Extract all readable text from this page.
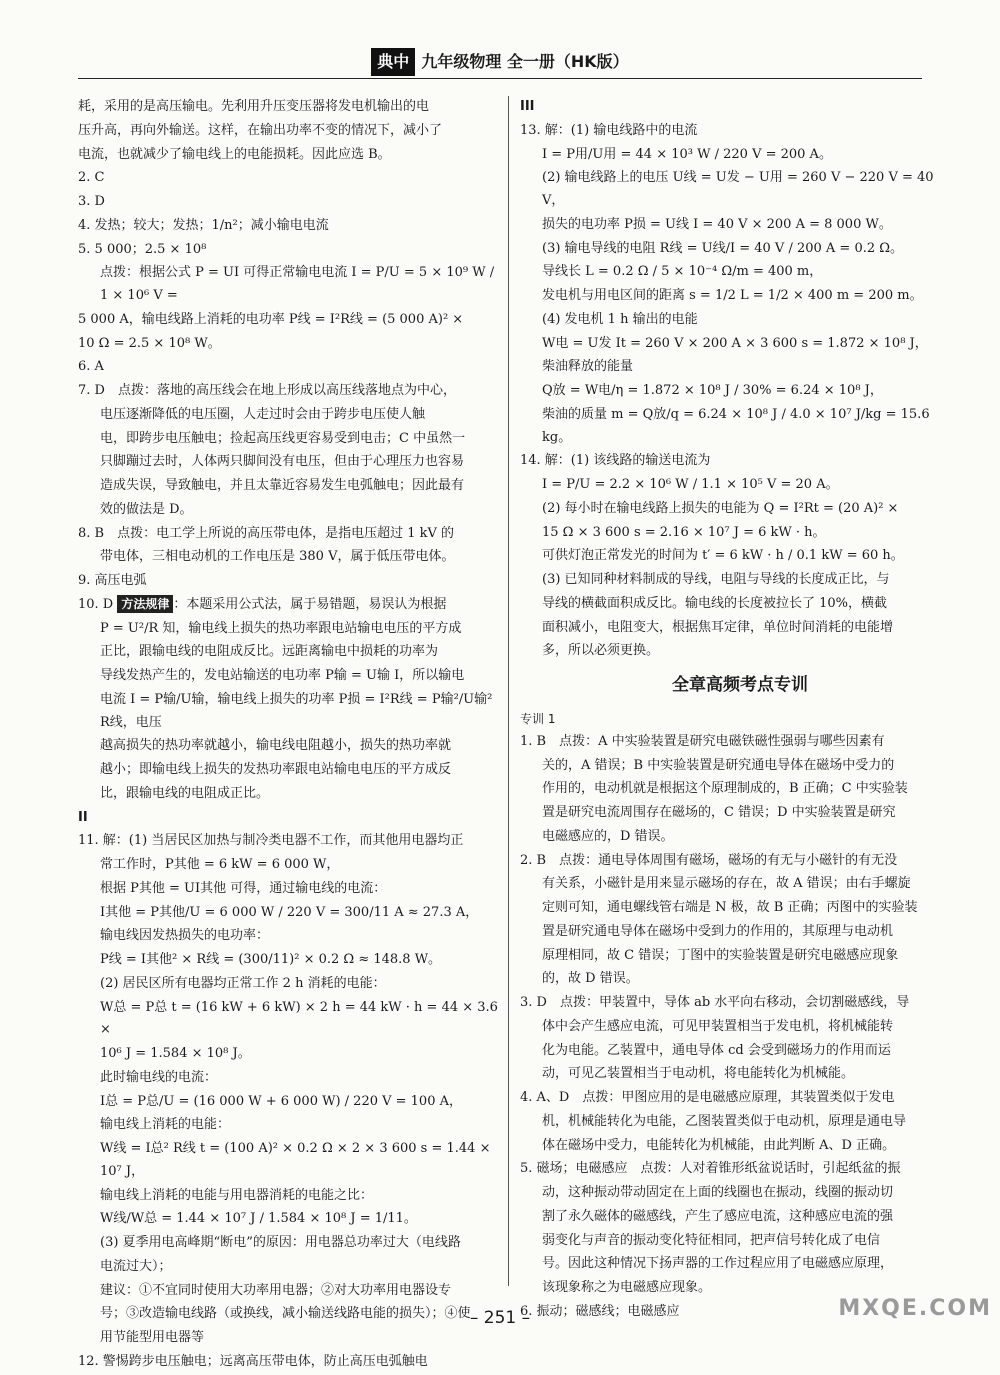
典中 九年级物理 全一册（HK版）

耗，采用的是高压输电。先利用升压变压器将发电机输出的电

压升高，再向外输送。这样，在输出功率不变的情况下，减小了

电流，也就减少了输电线上的电能损耗。因此应选 B。

2. C

3. D

4. 发热；较大；发热；1/n²；减小输电电流

5. 5 000；2.5 × 10⁸

点拨：根据公式 P = UI 可得正常输电电流 I = P/U = 5 × 10⁹ W / 1 × 10⁶ V =

5 000 A，输电线路上消耗的电功率 P线 = I²R线 = (5 000 A)² ×

10 Ω = 2.5 × 10⁸ W。

6. A

7. D　点拨：落地的高压线会在地上形成以高压线落地点为中心，

电压逐渐降低的电压圈，人走过时会由于跨步电压使人触

电，即跨步电压触电；捡起高压线更容易受到电击；C 中虽然一

只脚蹦过去时，人体两只脚间没有电压，但由于心理压力也容易

造成失误，导致触电，并且太靠近容易发生电弧触电；因此最有

效的做法是 D。

8. B　点拨：电工学上所说的高压带电体，是指电压超过 1 kV 的

带电体，三相电动机的工作电压是 380 V，属于低压带电体。

9. 高压电弧

10. D 方法规律 ：本题采用公式法，属于易错题，易误认为根据

P = U²/R 知，输电线上损失的热功率跟电站输电电压的平方成

正比，跟输电线的电阻成反比。远距离输电中损耗的功率为

导线发热产生的，发电站输送的电功率 P输 = U输 I，所以输电

电流 I = P输/U输，输电线上损失的功率 P损 = I²R线 = P输²/U输² R线，电压

越高损失的热功率就越小，输电线电阻越小，损失的热功率就

越小；即输电线上损失的发热功率跟电站输电电压的平方成反

比，跟输电线的电阻成正比。

II

11. 解：(1) 当居民区加热与制冷类电器不工作，而其他用电器均正

常工作时，P其他 = 6 kW = 6 000 W，

根据 P其他 = UI其他 可得，通过输电线的电流：

I其他 = P其他/U = 6 000 W / 220 V = 300/11 A ≈ 27.3 A，

输电线因发热损失的电功率：

P线 = I其他² × R线 = (300/11)² × 0.2 Ω ≈ 148.8 W。

(2) 居民区所有电器均正常工作 2 h 消耗的电能：

W总 = P总 t = (16 kW + 6 kW) × 2 h = 44 kW · h = 44 × 3.6 ×

10⁶ J = 1.584 × 10⁸ J。

此时输电线的电流：

I总 = P总/U = (16 000 W + 6 000 W) / 220 V = 100 A，

输电线上消耗的电能：

W线 = I总² R线 t = (100 A)² × 0.2 Ω × 2 × 3 600 s = 1.44 × 10⁷ J，

输电线上消耗的电能与用电器消耗的电能之比：

W线/W总 = 1.44 × 10⁷ J / 1.584 × 10⁸ J = 1/11。

(3) 夏季用电高峰期“断电”的原因：用电器总功率过大（电线路

电流过大）；

建议：①不宜同时使用大功率用电器；②对大功率用电器设专

号；③改造输电线路（或换线，减小输送线路电能的损失）；④使

用节能型用电器等

12. 警惕跨步电压触电；远离高压带电体，防止高压电弧触电

III

13. 解：(1) 输电线路中的电流

I = P用/U用 = 44 × 10³ W / 220 V = 200 A。

(2) 输电线路上的电压 U线 = U发 − U用 = 260 V − 220 V = 40 V，

损失的电功率 P损 = U线 I = 40 V × 200 A = 8 000 W。

(3) 输电导线的电阻 R线 = U线/I = 40 V / 200 A = 0.2 Ω。

导线长 L = 0.2 Ω / 5 × 10⁻⁴ Ω/m = 400 m，

发电机与用电区间的距离 s = 1/2 L = 1/2 × 400 m = 200 m。

(4) 发电机 1 h 输出的电能

W电 = U发 It = 260 V × 200 A × 3 600 s = 1.872 × 10⁸ J，

柴油释放的能量

Q放 = W电/η = 1.872 × 10⁸ J / 30% = 6.24 × 10⁸ J，

柴油的质量 m = Q放/q = 6.24 × 10⁸ J / 4.0 × 10⁷ J/kg = 15.6 kg。

14. 解：(1) 该线路的输送电流为

I = P/U = 2.2 × 10⁶ W / 1.1 × 10⁵ V = 20 A。

(2) 每小时在输电线路上损失的电能为 Q = I²Rt = (20 A)² ×

15 Ω × 3 600 s = 2.16 × 10⁷ J = 6 kW · h。

可供灯泡正常发光的时间为 t′ = 6 kW · h / 0.1 kW = 60 h。

(3) 已知同种材料制成的导线，电阻与导线的长度成正比，与

导线的横截面积成反比。输电线的长度被拉长了 10%，横截

面积减小，电阻变大，根据焦耳定律，单位时间消耗的电能增

多，所以必须更换。

全章高频考点专训

专训 1

1. B　点拨：A 中实验装置是研究电磁铁磁性强弱与哪些因素有

关的，A 错误；B 中实验装置是研究通电导体在磁场中受力的

作用的，电动机就是根据这个原理制成的，B 正确；C 中实验装

置是研究电流周围存在磁场的，C 错误；D 中实验装置是研究

电磁感应的，D 错误。

2. B　点拨：通电导体周围有磁场，磁场的有无与小磁针的有无没

有关系，小磁针是用来显示磁场的存在，故 A 错误；由右手螺旋

定则可知，通电螺线管右端是 N 极，故 B 正确；丙图中的实验装

置是研究通电导体在磁场中受到力的作用的，其原理与电动机

原理相同，故 C 错误；丁图中的实验装置是研究电磁感应现象

的，故 D 错误。

3. D　点拨：甲装置中，导体 ab 水平向右移动，会切割磁感线，导

体中会产生感应电流，可见甲装置相当于发电机，将机械能转

化为电能。乙装置中，通电导体 cd 会受到磁场力的作用而运

动，可见乙装置相当于电动机，将电能转化为机械能。

4. A、D　点拨：甲图应用的是电磁感应原理，其装置类似于发电

机，机械能转化为电能，乙图装置类似于电动机，原理是通电导

体在磁场中受力，电能转化为机械能，由此判断 A、D 正确。

5. 磁场；电磁感应　点拨：人对着锥形纸盆说话时，引起纸盆的振

动，这种振动带动固定在上面的线圈也在振动，线圈的振动切

割了永久磁体的磁感线，产生了感应电流，这种感应电流的强

弱变化与声音的振动变化特征相同，把声信号转化成了电信

号。因此这种情况下扬声器的工作过程应用了电磁感应原理，

该现象称之为电磁感应现象。

6. 振动；磁感线；电磁感应

– 251 –	MXQE.COM
